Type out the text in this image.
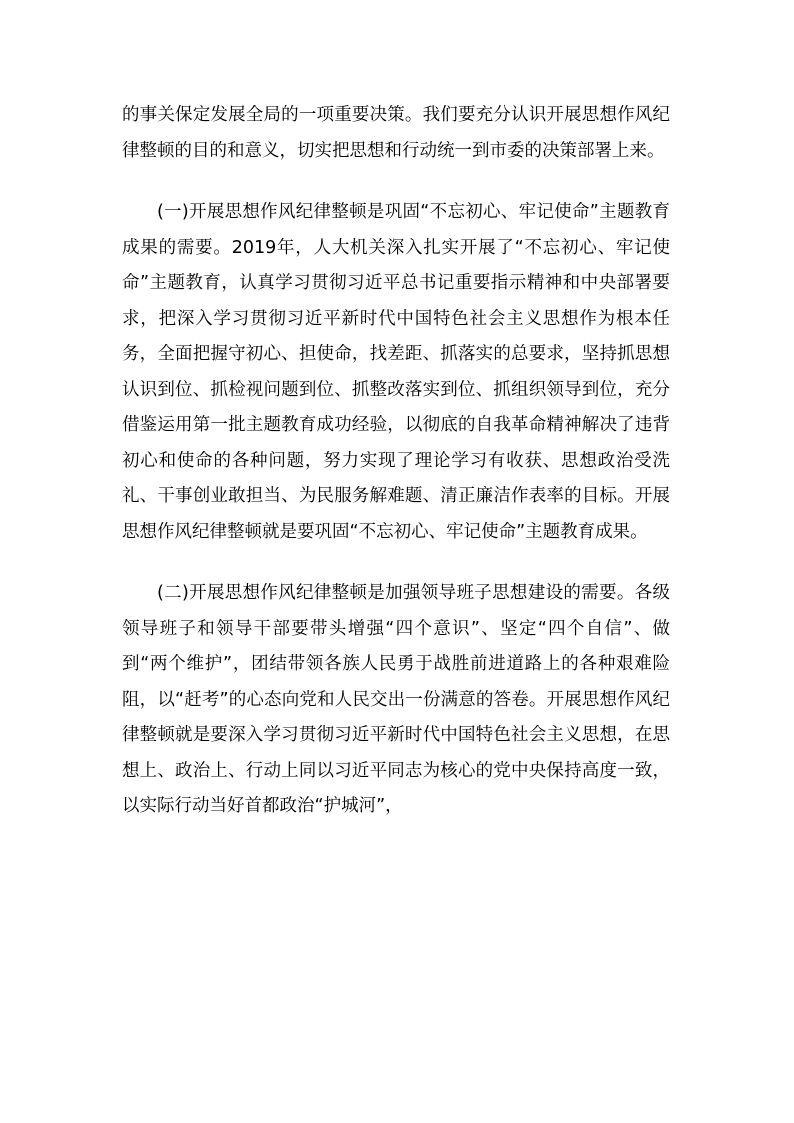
的事关保定发展全局的一项重要决策。我们要充分认识开展思想作风纪律整顿的目的和意义，切实把思想和行动统一到市委的决策部署上来。

(一)开展思想作风纪律整顿是巩固“不忘初心、牢记使命”主题教育成果的需要。2019年，人大机关深入扎实开展了“不忘初心、牢记使命”主题教育，认真学习贯彻习近平总书记重要指示精神和中央部署要求，把深入学习贯彻习近平新时代中国特色社会主义思想作为根本任务，全面把握守初心、担使命，找差距、抓落实的总要求，坚持抓思想认识到位、抓检视问题到位、抓整改落实到位、抓组织领导到位，充分借鉴运用第一批主题教育成功经验，以彻底的自我革命精神解决了违背初心和使命的各种问题，努力实现了理论学习有收获、思想政治受洗礼、干事创业敢担当、为民服务解难题、清正廉洁作表率的目标。开展思想作风纪律整顿就是要巩固“不忘初心、牢记使命”主题教育成果。

(二)开展思想作风纪律整顿是加强领导班子思想建设的需要。各级领导班子和领导干部要带头增强“四个意识”、坚定“四个自信”、做到“两个维护”，团结带领各族人民勇于战胜前进道路上的各种艰难险阻，以“赶考”的心态向党和人民交出一份满意的答卷。开展思想作风纪律整顿就是要深入学习贯彻习近平新时代中国特色社会主义思想，在思想上、政治上、行动上同以习近平同志为核心的党中央保持高度一致，以实际行动当好首都政治“护城河”，
